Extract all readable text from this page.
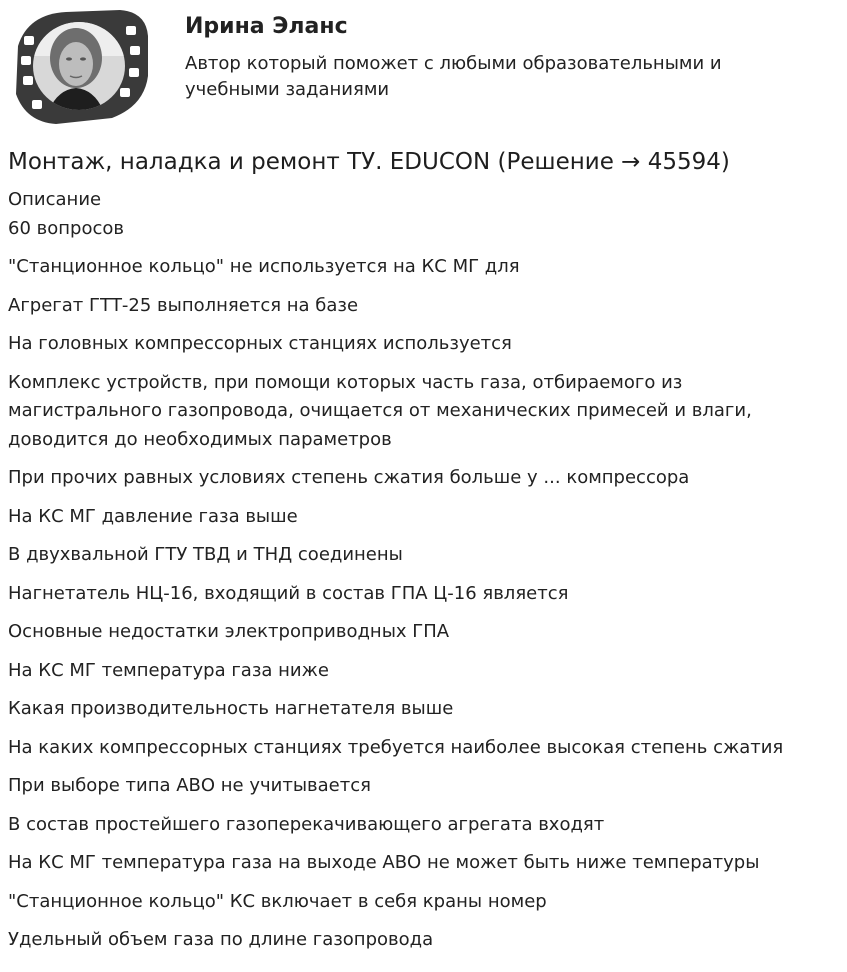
Ирина Эланс
Автор который поможет с любыми образовательными и учебными заданиями
Монтаж, наладка и ремонт ТУ. EDUCON (Решение → 45594)
Описание
60 вопросов
"Станционное кольцо" не используется на КС МГ для
Агрегат ГТТ-25 выполняется на базе
На головных компрессорных станциях используется
Комплекс устройств, при помощи которых часть газа, отбираемого из магистрального газопровода, очищается от механических примесей и влаги, доводится до необходимых параметров
При прочих равных условиях степень сжатия больше у ... компрессора
На КС МГ давление газа выше
В двухвальной ГТУ ТВД и ТНД соединены
Нагнетатель НЦ-16, входящий в состав ГПА Ц-16 является
Основные недостатки электроприводных ГПА
На КС МГ температура газа ниже
Какая производительность нагнетателя выше
На каких компрессорных станциях требуется наиболее высокая степень сжатия
При выборе типа АВО не учитывается
В состав простейшего газоперекачивающего агрегата входят
На КС МГ температура газа на выходе АВО не может быть ниже температуры
"Станционное кольцо" КС включает в себя краны номер
Удельный объем газа по длине газопровода
